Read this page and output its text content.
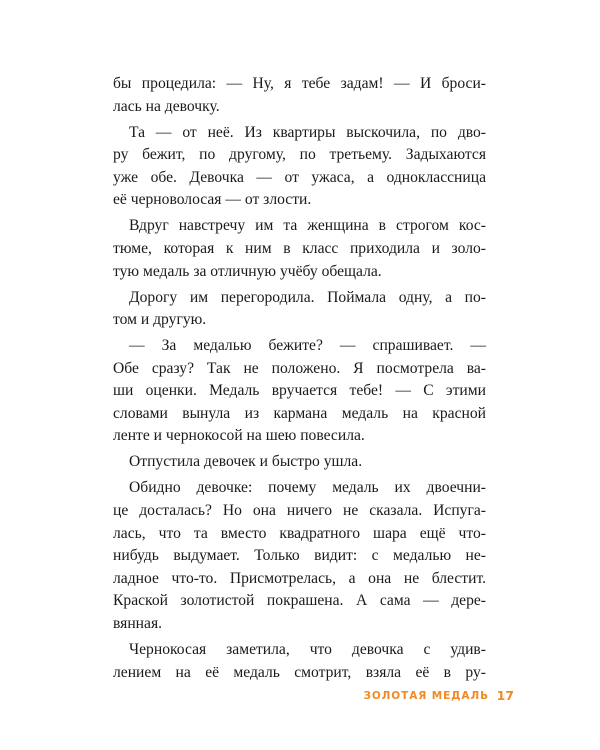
бы процедила: — Ну, я тебе задам! — И броси-
лась на девочку.
Та — от неё. Из квартиры выскочила, по дво-
ру бежит, по другому, по третьему. Задыхаются
уже обе. Девочка — от ужаса, а одноклассница
её черноволосая — от злости.
Вдруг навстречу им та женщина в строгом кос-
тюме, которая к ним в класс приходила и золо-
тую медаль за отличную учёбу обещала.
Дорогу им перегородила. Поймала одну, а по-
том и другую.
— За медалью бежите? — спрашивает. —
Обе сразу? Так не положено. Я посмотрела ва-
ши оценки. Медаль вручается тебе! — С этими
словами вынула из кармана медаль на красной
ленте и чернокосой на шею повесила.
Отпустила девочек и быстро ушла.
Обидно девочке: почему медаль их двоечни-
це досталась? Но она ничего не сказала. Испуга-
лась, что та вместо квадратного шара ещё что-
нибудь выдумает. Только видит: с медалью не-
ладное что-то. Присмотрелась, а она не блестит.
Краской золотистой покрашена. А сама — дере-
вянная.
Чернокосая заметила, что девочка с удив-
лением на её медаль смотрит, взяла её в ру-
ЗОЛОТАЯ МЕДАЛЬ 17
